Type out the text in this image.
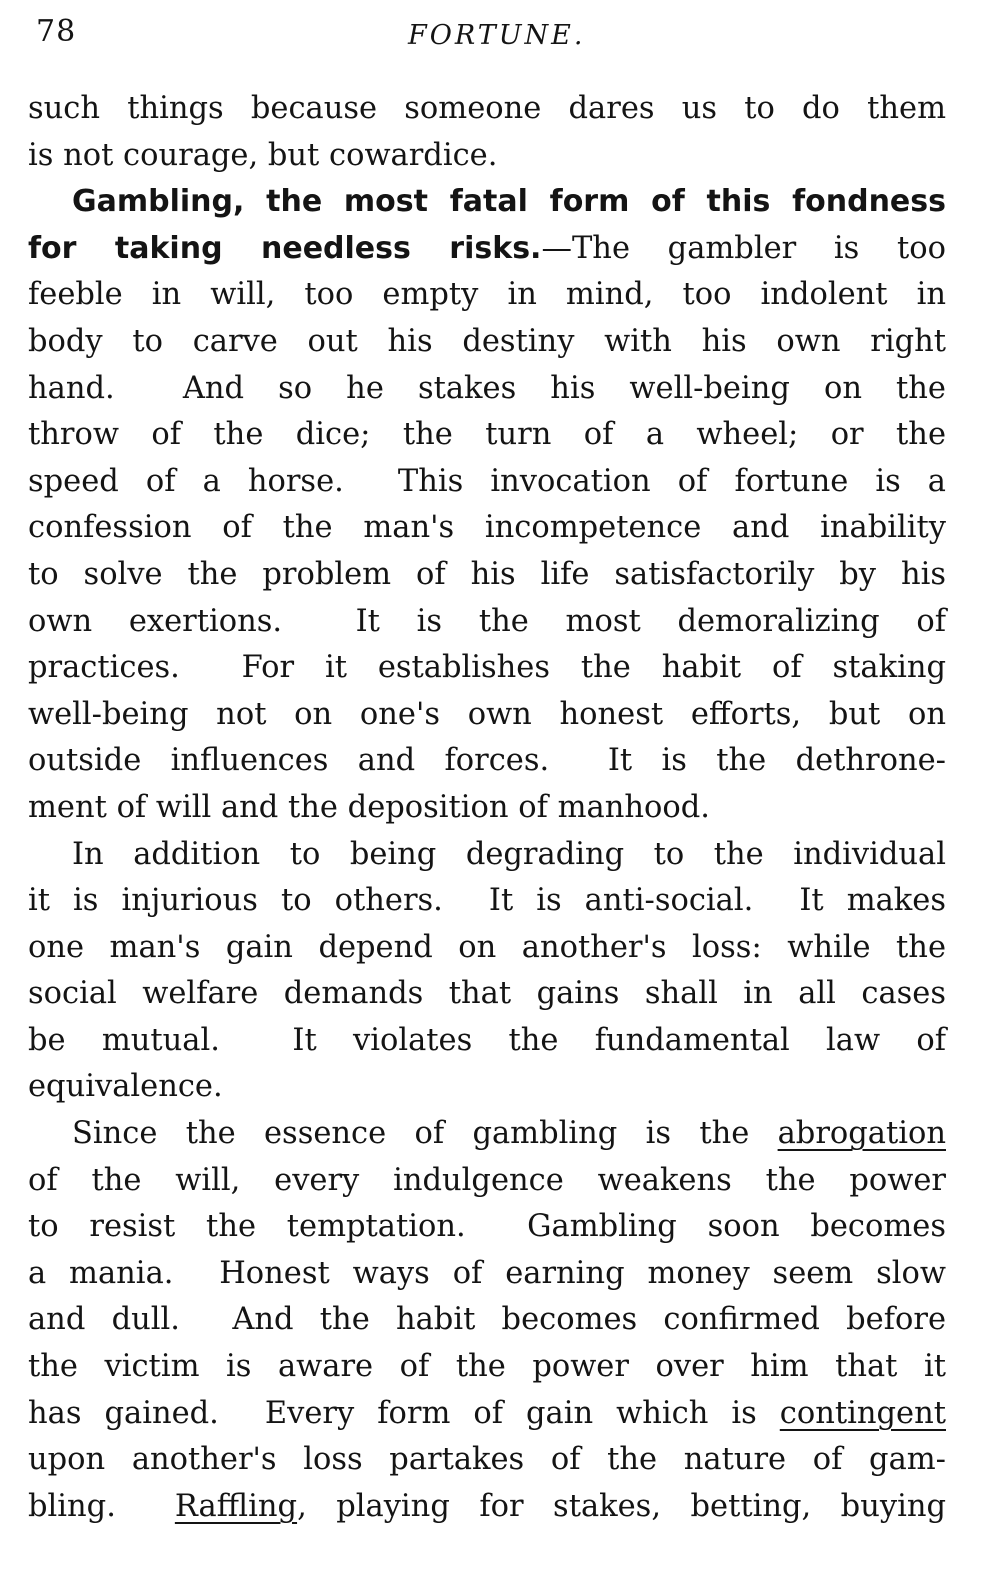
78	FORTUNE.
such things because someone dares us to do them
is not courage, but cowardice.
Gambling, the most fatal form of this fondness
for taking needless risks.—The gambler is too
feeble in will, too empty in mind, too indolent in
body to carve out his destiny with his own right
hand.  And so he stakes his well-being on the
throw of the dice; the turn of a wheel; or the
speed of a horse.  This invocation of fortune is a
confession of the man's incompetence and inability
to solve the problem of his life satisfactorily by his
own exertions.  It is the most demoralizing of
practices.  For it establishes the habit of staking
well-being not on one's own honest efforts, but on
outside influences and forces.  It is the dethrone-
ment of will and the deposition of manhood.
In addition to being degrading to the individual
it is injurious to others.  It is anti-social.  It makes
one man's gain depend on another's loss: while the
social welfare demands that gains shall in all cases
be mutual.  It violates the fundamental law of
equivalence.
Since the essence of gambling is the abrogation
of the will, every indulgence weakens the power
to resist the temptation.  Gambling soon becomes
a mania.  Honest ways of earning money seem slow
and dull.  And the habit becomes confirmed before
the victim is aware of the power over him that it
has gained.  Every form of gain which is contingent
upon another's loss partakes of the nature of gam-
bling.  Raffling, playing for stakes, betting, buying
